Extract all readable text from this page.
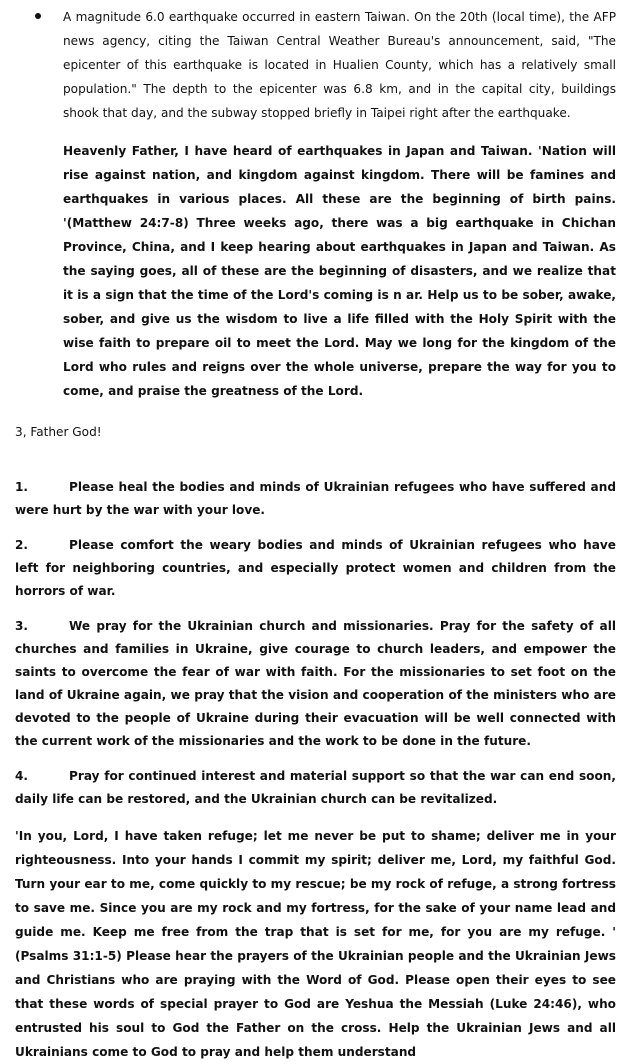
A magnitude 6.0 earthquake occurred in eastern Taiwan. On the 20th (local time), the AFP news agency, citing the Taiwan Central Weather Bureau's announcement, said, "The epicenter of this earthquake is located in Hualien County, which has a relatively small population." The depth to the epicenter was 6.8 km, and in the capital city, buildings shook that day, and the subway stopped briefly in Taipei right after the earthquake.

Heavenly Father, I have heard of earthquakes in Japan and Taiwan. 'Nation will rise against nation, and kingdom against kingdom. There will be famines and earthquakes in various places. All these are the beginning of birth pains. '(Matthew 24:7-8) Three weeks ago, there was a big earthquake in Chichan Province, China, and I keep hearing about earthquakes in Japan and Taiwan. As the saying goes, all of these are the beginning of disasters, and we realize that it is a sign that the time of the Lord's coming is n ar. Help us to be sober, awake, sober, and give us the wisdom to live a life filled with the Holy Spirit with the wise faith to prepare oil to meet the Lord. May we long for the kingdom of the Lord who rules and reigns over the whole universe, prepare the way for you to come, and praise the greatness of the Lord.

3, Father God!

1.	Please heal the bodies and minds of Ukrainian refugees who have suffered and were hurt by the war with your love.

2.	Please comfort the weary bodies and minds of Ukrainian refugees who have left for neighboring countries, and especially protect women and children from the horrors of war.

3.	We pray for the Ukrainian church and missionaries. Pray for the safety of all churches and families in Ukraine, give courage to church leaders, and empower the saints to overcome the fear of war with faith. For the missionaries to set foot on the land of Ukraine again, we pray that the vision and cooperation of the ministers who are devoted to the people of Ukraine during their evacuation will be well connected with the current work of the missionaries and the work to be done in the future.

4.	Pray for continued interest and material support so that the war can end soon, daily life can be restored, and the Ukrainian church can be revitalized.

'In you, Lord, I have taken refuge; let me never be put to shame; deliver me in your righteousness. Into your hands I commit my spirit; deliver me, Lord, my faithful God. Turn your ear to me, come quickly to my rescue; be my rock of refuge, a strong fortress to save me. Since you are my rock and my fortress, for the sake of your name lead and guide me. Keep me free from the trap that is set for me, for you are my refuge. ' (Psalms 31:1-5) Please hear the prayers of the Ukrainian people and the Ukrainian Jews and Christians who are praying with the Word of God. Please open their eyes to see that these words of special prayer to God are Yeshua the Messiah (Luke 24:46), who entrusted his soul to God the Father on the cross. Help the Ukrainian Jews and all Ukrainians come to God to pray and help them understand
